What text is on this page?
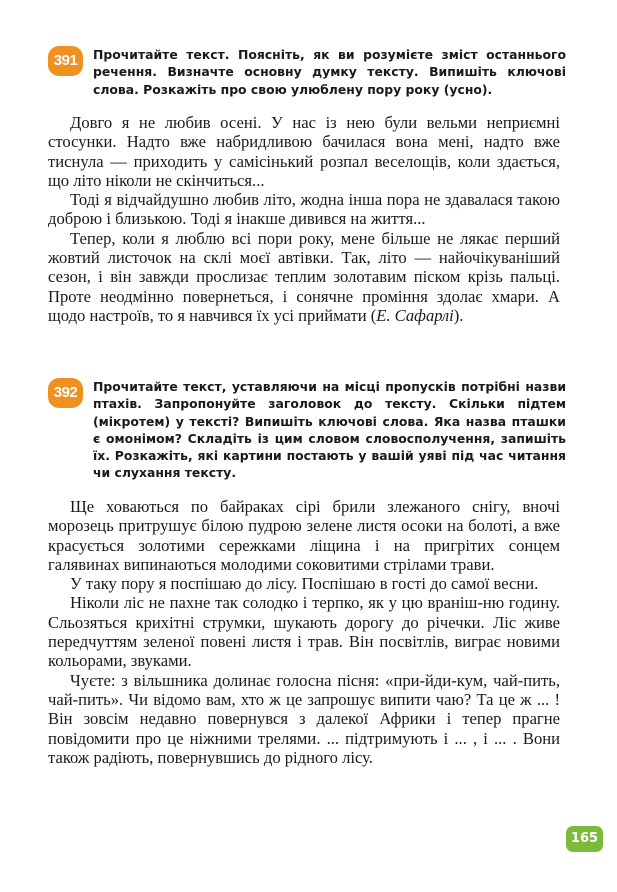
391	Прочитайте текст. Поясніть, як ви розумієте зміст останнього речення. Визначте основну думку тексту. Випишіть ключові слова. Розкажіть про свою улюблену пору року (усно).

Довго я не любив осені. У нас із нею були вельми неприємні стосунки. Надто вже набридливою бачилася вона мені, надто вже тиснула — приходить у самісінький розпал веселощів, коли здається, що літо ніколи не скінчиться...

Тоді я відчайдушно любив літо, жодна інша пора не здавалася такою доброю і близькою. Тоді я інакше дивився на життя...

Тепер, коли я люблю всі пори року, мене більше не лякає перший жовтий листочок на склі моєї автівки. Так, літо — найочікуваніший сезон, і він завжди прослизає теплим золотавим піском крізь пальці. Проте неодмінно повернеться, і сонячне проміння здолає хмари. А щодо настроїв, то я навчився їх усі приймати (Е. Сафарлі).

392	Прочитайте текст, уставляючи на місці пропусків потрібні назви птахів. Запропонуйте заголовок до тексту. Скільки підтем (мікротем) у тексті? Випишіть ключові слова. Яка назва пташки є омонімом? Складіть із цим словом словосполучення, запишіть їх. Розкажіть, які картини постають у вашій уяві під час читання чи слухання тексту.

Ще ховаються по байраках сірі брили злежаного снігу, вночі морозець притрушує білою пудрою зелене листя осоки на болоті, а вже красується золотими сережками ліщина і на пригрітих сонцем галявинах випинаються молодими соковитими стрілами трави.

У таку пору я поспішаю до лісу. Поспішаю в гості до самої весни.

Ніколи ліс не пахне так солодко і терпко, як у цю враніш-ню годину. Сльозяться крихітні струмки, шукають дорогу до річечки. Ліс живе передчуттям зеленої повені листя і трав. Він посвітлів, виграє новими кольорами, звуками.

Чуєте: з вільшника долинає голосна пісня: «при-йди-кум, чай-пить, чай-пить». Чи відомо вам, хто ж це запрошує випити чаю? Та це ж ... ! Він зовсім недавно повернувся з далекої Африки і тепер прагне повідомити про це ніжними трелями. ... підтримують і ... , і ... . Вони також радіють, повернувшись до рідного лісу.

165
